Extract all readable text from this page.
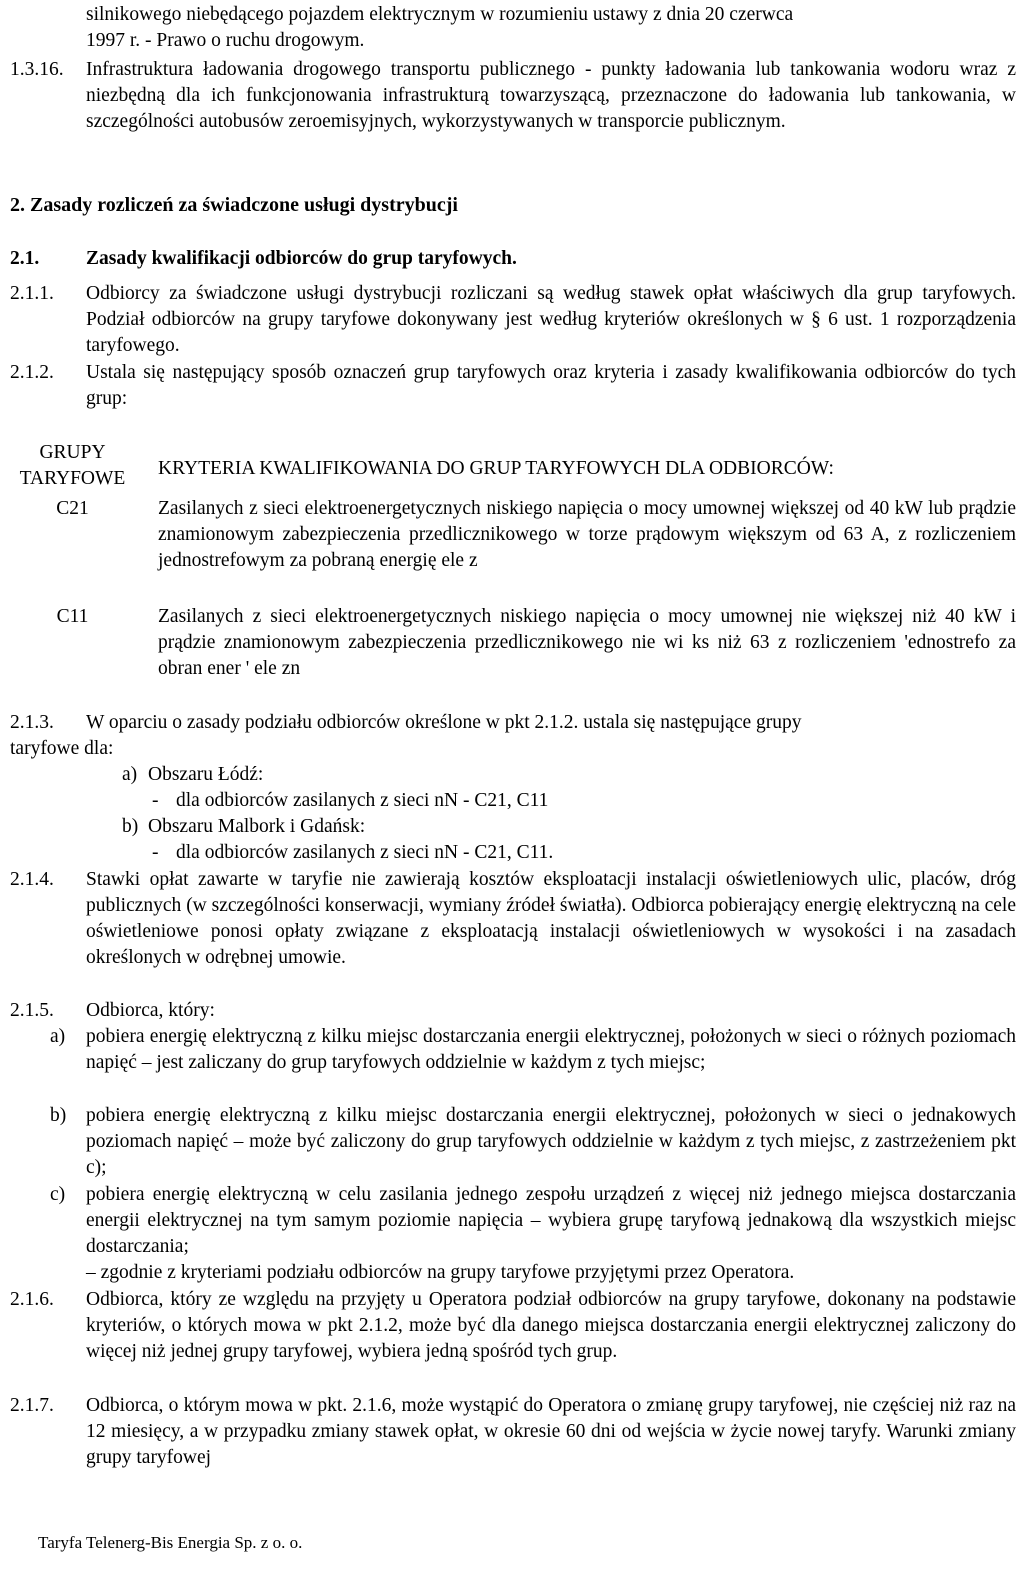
silnikowego niebędącego pojazdem elektrycznym w rozumieniu ustawy z dnia 20 czerwca
1997 r. - Prawo o ruchu drogowym.
1.3.16. Infrastruktura ładowania drogowego transportu publicznego - punkty ładowania lub tankowania wodoru wraz z niezbędną dla ich funkcjonowania infrastrukturą towarzyszącą, przeznaczone do ładowania lub tankowania, w szczególności autobusów zeroemisyjnych, wykorzystywanych w transporcie publicznym.
2. Zasady rozliczeń za świadczone usługi dystrybucji
2.1. Zasady kwalifikacji odbiorców do grup taryfowych.
2.1.1. Odbiorcy za świadczone usługi dystrybucji rozliczani są według stawek opłat właściwych dla grup taryfowych. Podział odbiorców na grupy taryfowe dokonywany jest według kryteriów określonych w § 6 ust. 1 rozporządzenia taryfowego.
2.1.2. Ustala się następujący sposób oznaczeń grup taryfowych oraz kryteria i zasady kwalifikowania odbiorców do tych grup:
GRUPY
TARYFOWE	KRYTERIA KWALIFIKOWANIA DO GRUP TARYFOWYCH DLA ODBIORCÓW:
C21	Zasilanych z sieci elektroenergetycznych niskiego napięcia o mocy umownej większej od 40 kW lub prądzie znamionowym zabezpieczenia przedlicznikowego w torze prądowym większym od 63 A, z rozliczeniem jednostrefowym za pobraną energię ele z
C11	Zasilanych z sieci elektroenergetycznych niskiego napięcia o mocy umownej nie większej niż 40 kW i prądzie znamionowym zabezpieczenia przedlicznikowego nie wi ks niż 63 z rozliczeniem 'ednostrefo za obran ener ' ele zn
2.1.3. W oparciu o zasady podziału odbiorców określone w pkt 2.1.2. ustala się następujące grupy
taryfowe dla:
a) Obszaru Łódź:
- dla odbiorców zasilanych z sieci nN - C21, C11
b) Obszaru Malbork i Gdańsk:
- dla odbiorców zasilanych z sieci nN - C21, C11.
2.1.4. Stawki opłat zawarte w taryfie nie zawierają kosztów eksploatacji instalacji oświetleniowych ulic, placów, dróg publicznych (w szczególności konserwacji, wymiany źródeł światła). Odbiorca pobierający energię elektryczną na cele oświetleniowe ponosi opłaty związane z eksploatacją instalacji oświetleniowych w wysokości i na zasadach określonych w odrębnej umowie.
2.1.5. Odbiorca, który:
a) pobiera energię elektryczną z kilku miejsc dostarczania energii elektrycznej, położonych w sieci o różnych poziomach napięć – jest zaliczany do grup taryfowych oddzielnie w każdym z tych miejsc;
b) pobiera energię elektryczną z kilku miejsc dostarczania energii elektrycznej, położonych w sieci o jednakowych poziomach napięć – może być zaliczony do grup taryfowych oddzielnie w każdym z tych miejsc, z zastrzeżeniem pkt c);
c) pobiera energię elektryczną w celu zasilania jednego zespołu urządzeń z więcej niż jednego miejsca dostarczania energii elektrycznej na tym samym poziomie napięcia – wybiera grupę taryfową jednakową dla wszystkich miejsc dostarczania;
– zgodnie z kryteriami podziału odbiorców na grupy taryfowe przyjętymi przez Operatora.
2.1.6. Odbiorca, który ze względu na przyjęty u Operatora podział odbiorców na grupy taryfowe, dokonany na podstawie kryteriów, o których mowa w pkt 2.1.2, może być dla danego miejsca dostarczania energii elektrycznej zaliczony do więcej niż jednej grupy taryfowej, wybiera jedną spośród tych grup.
2.1.7. Odbiorca, o którym mowa w pkt. 2.1.6, może wystąpić do Operatora o zmianę grupy taryfowej, nie częściej niż raz na 12 miesięcy, a w przypadku zmiany stawek opłat, w okresie 60 dni od wejścia w życie nowej taryfy. Warunki zmiany grupy taryfowej
Taryfa Telenerg-Bis Energia Sp. z o. o.
